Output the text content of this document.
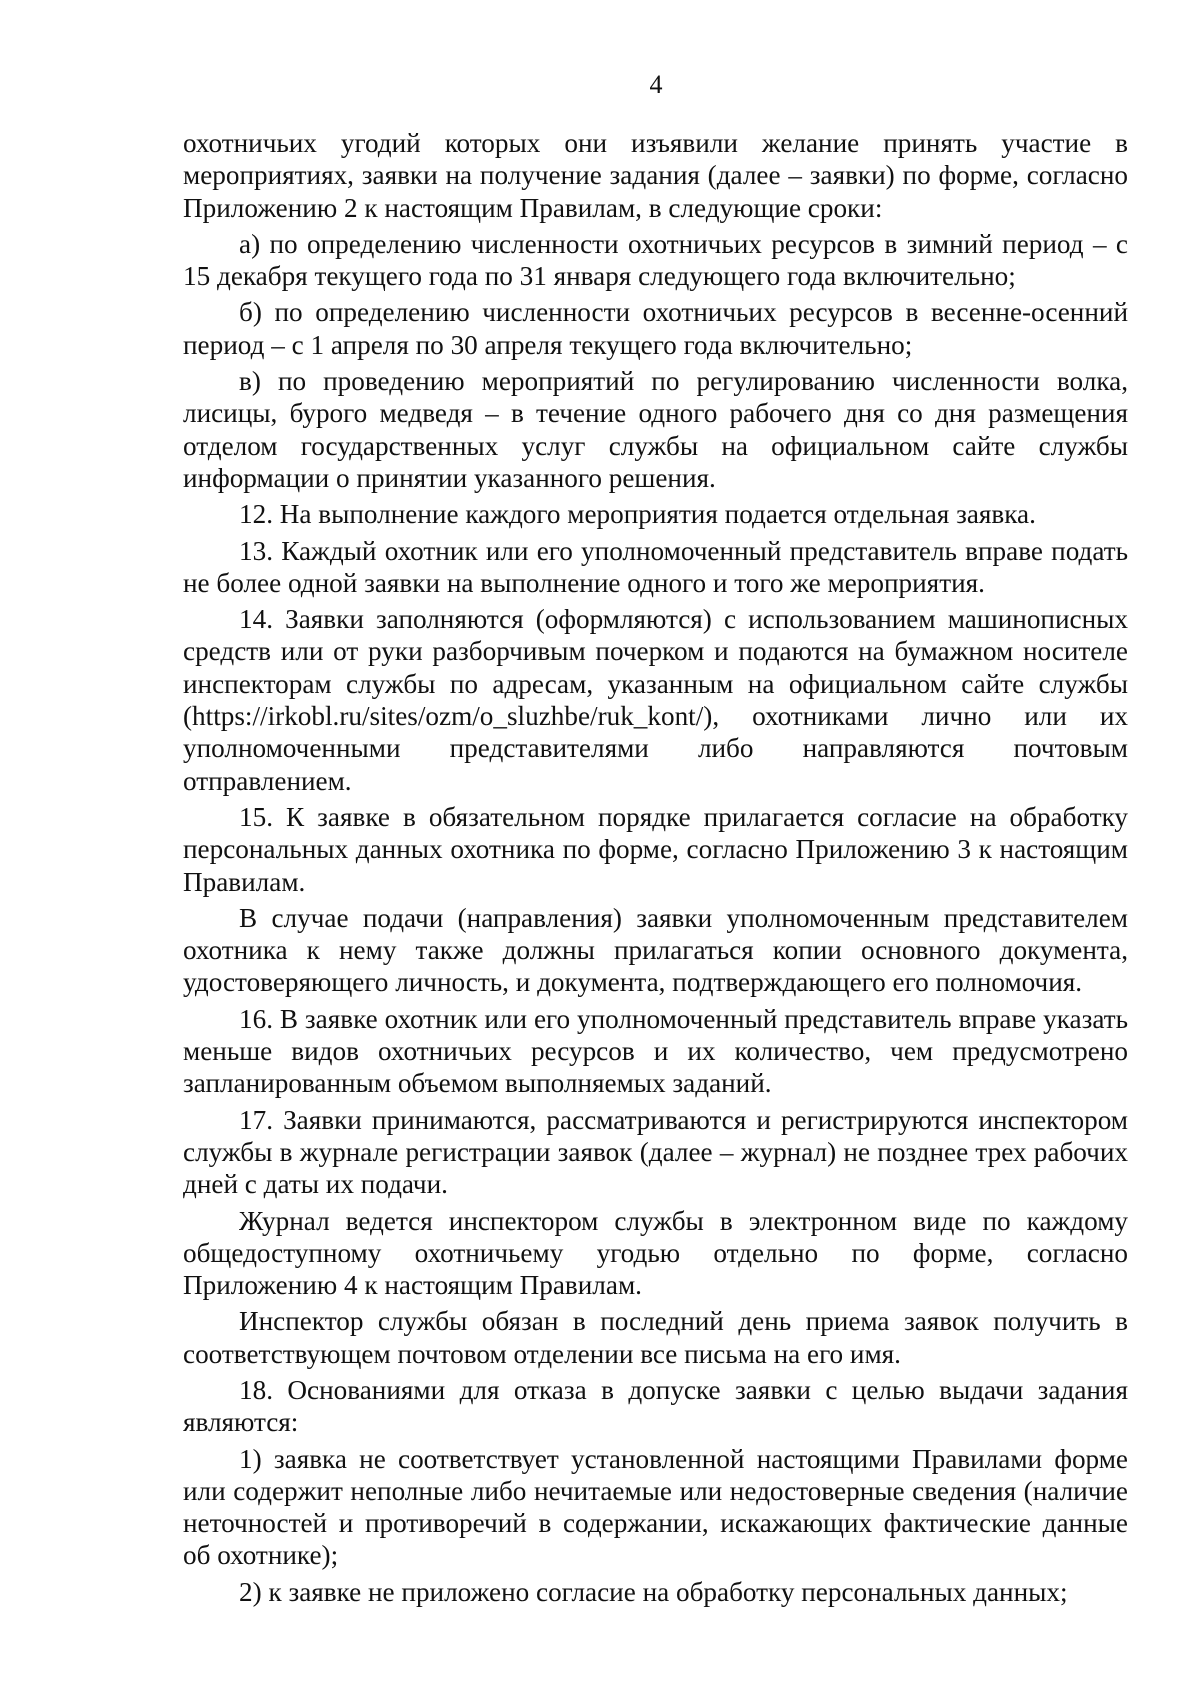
4

охотничьих угодий которых они изъявили желание принять участие в мероприятиях, заявки на получение задания (далее – заявки) по форме, согласно Приложению 2 к настоящим Правилам, в следующие сроки:

а) по определению численности охотничьих ресурсов в зимний период – с 15 декабря текущего года по 31 января следующего года включительно;

б) по определению численности охотничьих ресурсов в весенне-осенний период – с 1 апреля по 30 апреля текущего года включительно;

в) по проведению мероприятий по регулированию численности волка, лисицы, бурого медведя – в течение одного рабочего дня со дня размещения отделом государственных услуг службы на официальном сайте службы информации о принятии указанного решения.

12. На выполнение каждого мероприятия подается отдельная заявка.

13. Каждый охотник или его уполномоченный представитель вправе подать не более одной заявки на выполнение одного и того же мероприятия.

14. Заявки заполняются (оформляются) с использованием машинописных средств или от руки разборчивым почерком и подаются на бумажном носителе инспекторам службы по адресам, указанным на официальном сайте службы (https://irkobl.ru/sites/ozm/o_sluzhbe/ruk_kont/), охотниками лично или их уполномоченными представителями либо направляются почтовым отправлением.

15. К заявке в обязательном порядке прилагается согласие на обработку персональных данных охотника по форме, согласно Приложению 3 к настоящим Правилам.

В случае подачи (направления) заявки уполномоченным представителем охотника к нему также должны прилагаться копии основного документа, удостоверяющего личность, и документа, подтверждающего его полномочия.

16. В заявке охотник или его уполномоченный представитель вправе указать меньше видов охотничьих ресурсов и их количество, чем предусмотрено запланированным объемом выполняемых заданий.

17. Заявки принимаются, рассматриваются и регистрируются инспектором службы в журнале регистрации заявок (далее – журнал) не позднее трех рабочих дней с даты их подачи.

Журнал ведется инспектором службы в электронном виде по каждому общедоступному охотничьему угодью отдельно по форме, согласно Приложению 4 к настоящим Правилам.

Инспектор службы обязан в последний день приема заявок получить в соответствующем почтовом отделении все письма на его имя.

18. Основаниями для отказа в допуске заявки с целью выдачи задания являются:

1) заявка не соответствует установленной настоящими Правилами форме или содержит неполные либо нечитаемые или недостоверные сведения (наличие неточностей и противоречий в содержании, искажающих фактические данные об охотнике);

2) к заявке не приложено согласие на обработку персональных данных;
